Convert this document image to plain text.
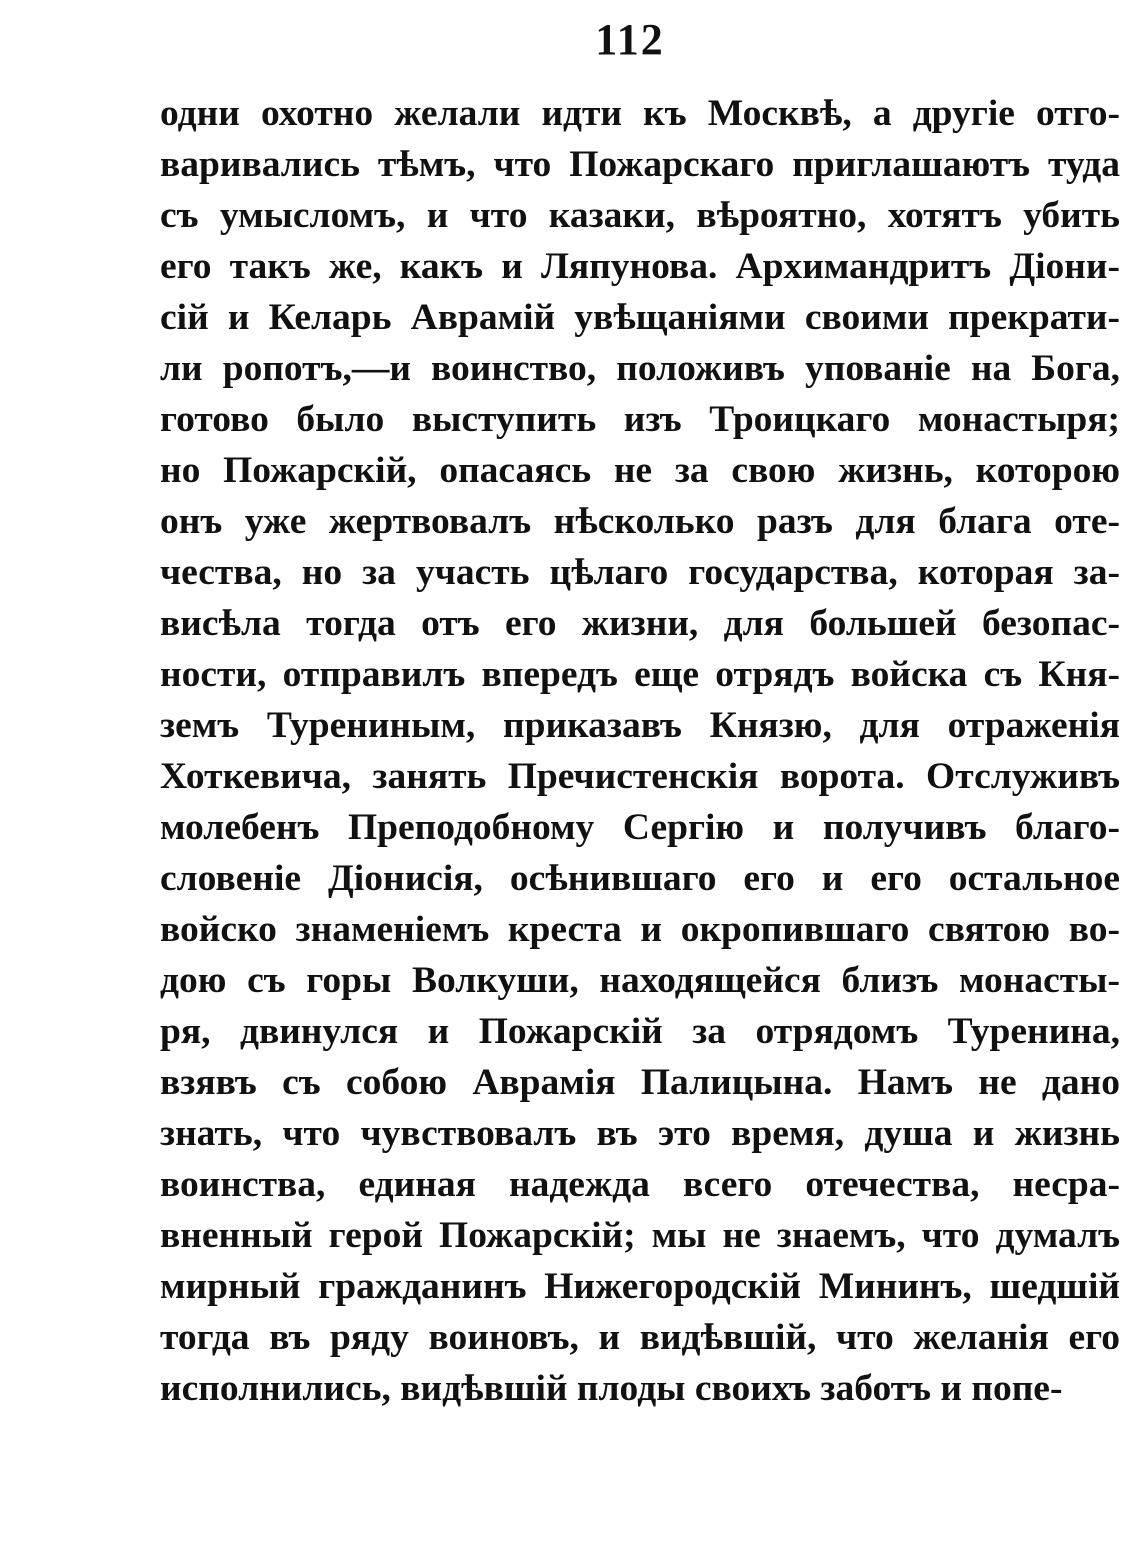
112
одни охотно желали идти къ Москвѣ, а другіе отго-
варивались тѣмъ, что Пожарскаго приглашаютъ туда
съ умысломъ, и что казаки, вѣроятно, хотятъ убить
его такъ же, какъ и Ляпунова. Архимандритъ Діони-
сій и Келарь Аврамій увѣщаніями своими прекрати-
ли ропотъ,—и воинство, положивъ упованіе на Бога,
готово было выступить изъ Троицкаго монастыря;
но Пожарскій, опасаясь не за свою жизнь, которою
онъ уже жертвовалъ нѣсколько разъ для блага оте-
чества, но за участь цѣлаго государства, которая за-
висѣла тогда отъ его жизни, для большей безопас-
ности, отправилъ впередъ еще отрядъ войска съ Кня-
земъ Турениным, приказавъ Князю, для отраженія
Хоткевича, занять Пречистенскія ворота. Отслуживъ
молебенъ Преподобному Сергію и получивъ благо-
словеніе Діонисія, осѣнившаго его и его остальное
войско знаменіемъ креста и окропившаго святою во-
дою съ горы Волкуши, находящейся близъ монасты-
ря, двинулся и Пожарскій за отрядомъ Туренина,
взявъ съ собою Аврамія Палицына. Намъ не дано
знать, что чувствовалъ въ это время, душа и жизнь
воинства, единая надежда всего отечества, несра-
вненный герой Пожарскій; мы не знаемъ, что думалъ
мирный гражданинъ Нижегородскій Мининъ, шедшій
тогда въ ряду воиновъ, и видѣвшій, что желанія его
исполнились, видѣвшій плоды своихъ заботъ и попе-
